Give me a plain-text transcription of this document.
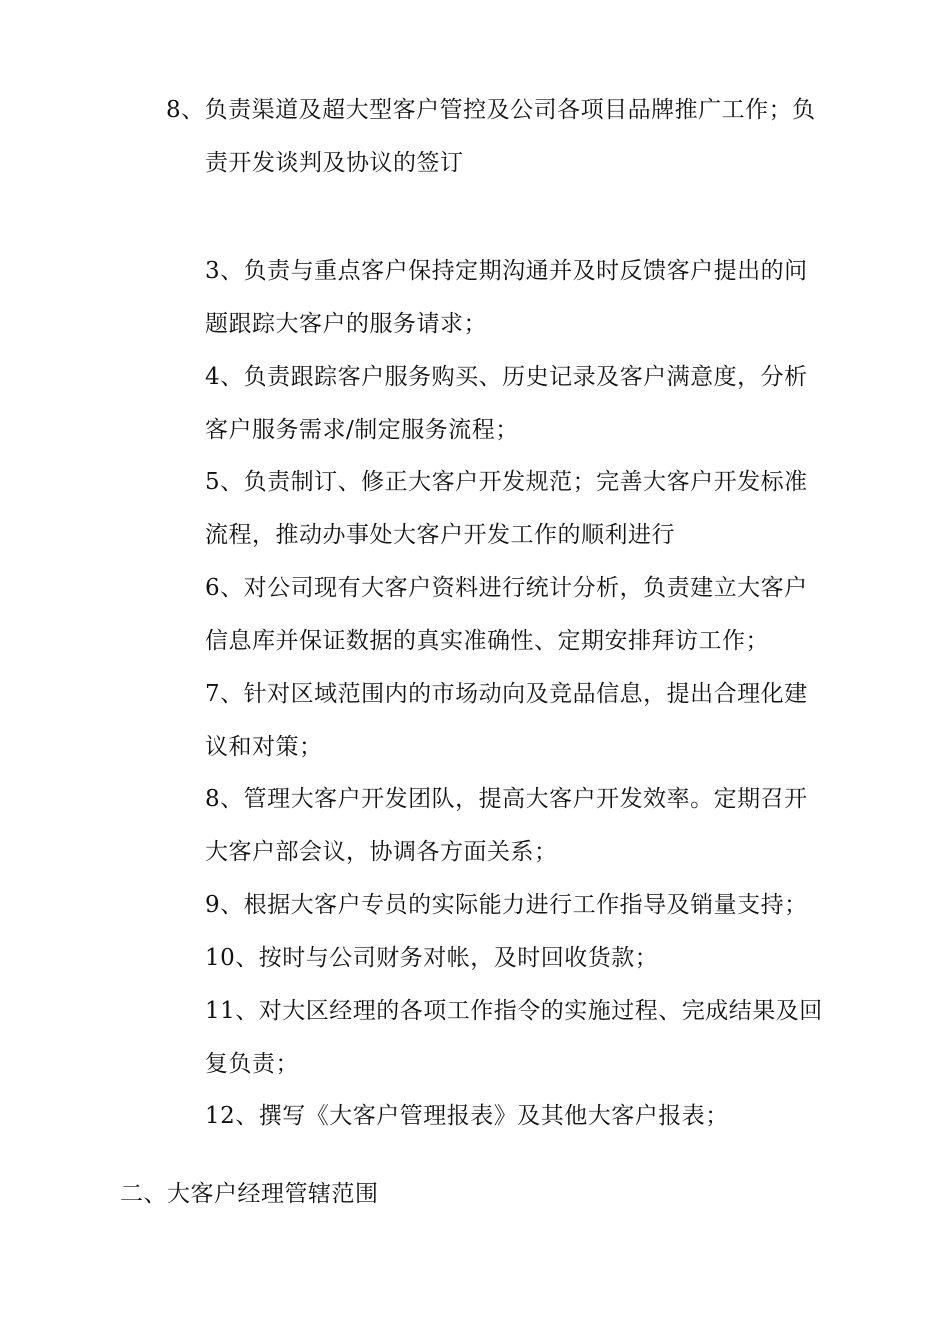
8、负责渠道及超大型客户管控及公司各项目品牌推广工作；负
责开发谈判及协议的签订
3、负责与重点客户保持定期沟通并及时反馈客户提出的问
题跟踪大客户的服务请求；
4、负责跟踪客户服务购买、历史记录及客户满意度，分析
客户服务需求/制定服务流程；
5、负责制订、修正大客户开发规范；完善大客户开发标准
流程，推动办事处大客户开发工作的顺利进行
6、对公司现有大客户资料进行统计分析，负责建立大客户
信息库并保证数据的真实准确性、定期安排拜访工作；
7、针对区域范围内的市场动向及竞品信息，提出合理化建
议和对策；
8、管理大客户开发团队，提高大客户开发效率。定期召开
大客户部会议，协调各方面关系；
9、根据大客户专员的实际能力进行工作指导及销量支持；
10、按时与公司财务对帐，及时回收货款；
11、对大区经理的各项工作指令的实施过程、完成结果及回
复负责；
12、撰写《大客户管理报表》及其他大客户报表；
二、大客户经理管辖范围
